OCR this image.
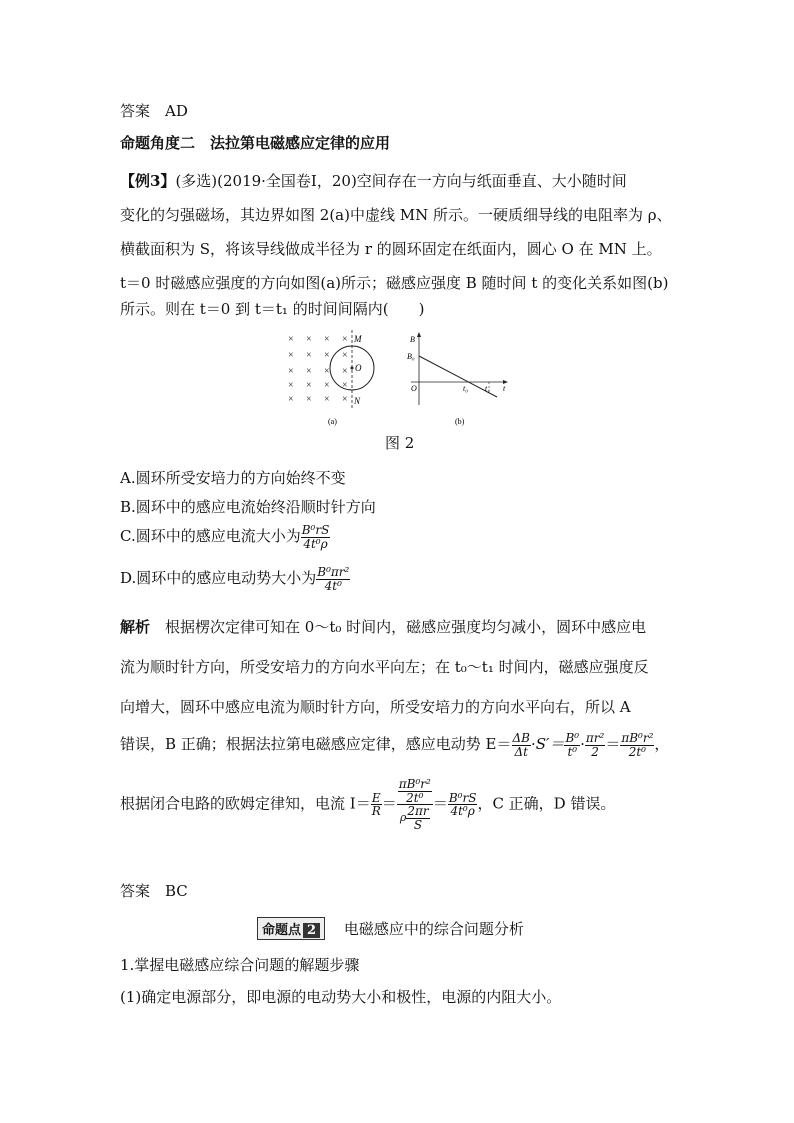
答案　AD
命题角度二　法拉第电磁感应定律的应用
【例3】(多选)(2019·全国卷Ⅰ，20)空间存在一方向与纸面垂直、大小随时间
变化的匀强磁场，其边界如图 2(a)中虚线 MN 所示。一硬质细导线的电阻率为 ρ、
横截面积为 S，将该导线做成半径为 r 的圆环固定在纸面内，圆心 O 在 MN 上。
t＝0 时磁感应强度的方向如图(a)所示；磁感应强度 B 随时间 t 的变化关系如图(b)
所示。则在 t＝0 到 t＝t₁ 的时间间隔内(　　)
× × × ×
× × × ×
× × × ×
× × × ×
× × × ×
M
O
N
(a)
B
B₀
O	t₀ t₁ t
(b)
图 2
A.圆环所受安培力的方向始终不变
B.圆环中的感应电流始终沿顺时针方向
C.圆环中的感应电流大小为 $\frac{\text{B⁰rS}}{\text{4t⁰ρ}}$
D.圆环中的感应电动势大小为 $\frac{\text{B⁰πr²}}{\text{4t⁰}}$
解析　 根据楞次定律可知在 0～t₀ 时间内，磁感应强度均匀减小，圆环中感应电
流为顺时针方向，所受安培力的方向水平向左；在 t₀～t₁ 时间内，磁感应强度反
向增大，圆环中感应电流为顺时针方向，所受安培力的方向水平向右，所以 A
错误，B 正确；根据法拉第电磁感应定律，感应电动势 $E= \frac{\Delta B}{\Delta t} \cdot S'= \frac{\text{B⁰}}{\text{t⁰}} \cdot \frac{\text{πr²}}{2} = \frac{\text{πB⁰r²}}{\text{2t⁰}}$ ，
根据闭合电路的欧姆定律知，电流 $I= \frac{E}{R} = \frac{\frac{\text{πB⁰r²}}{\text{2t⁰}}}{\rho \frac{2\pi r}{S}} = \frac{\text{B⁰rS}}{\text{4t⁰ρ}}$ ，C 正确，D 错误。
答案　BC
命题点 2 电磁感应中的综合问题分析
1.掌握电磁感应综合问题的解题步骤
(1)确定电源部分，即电源的电动势大小和极性，电源的内阻大小。
